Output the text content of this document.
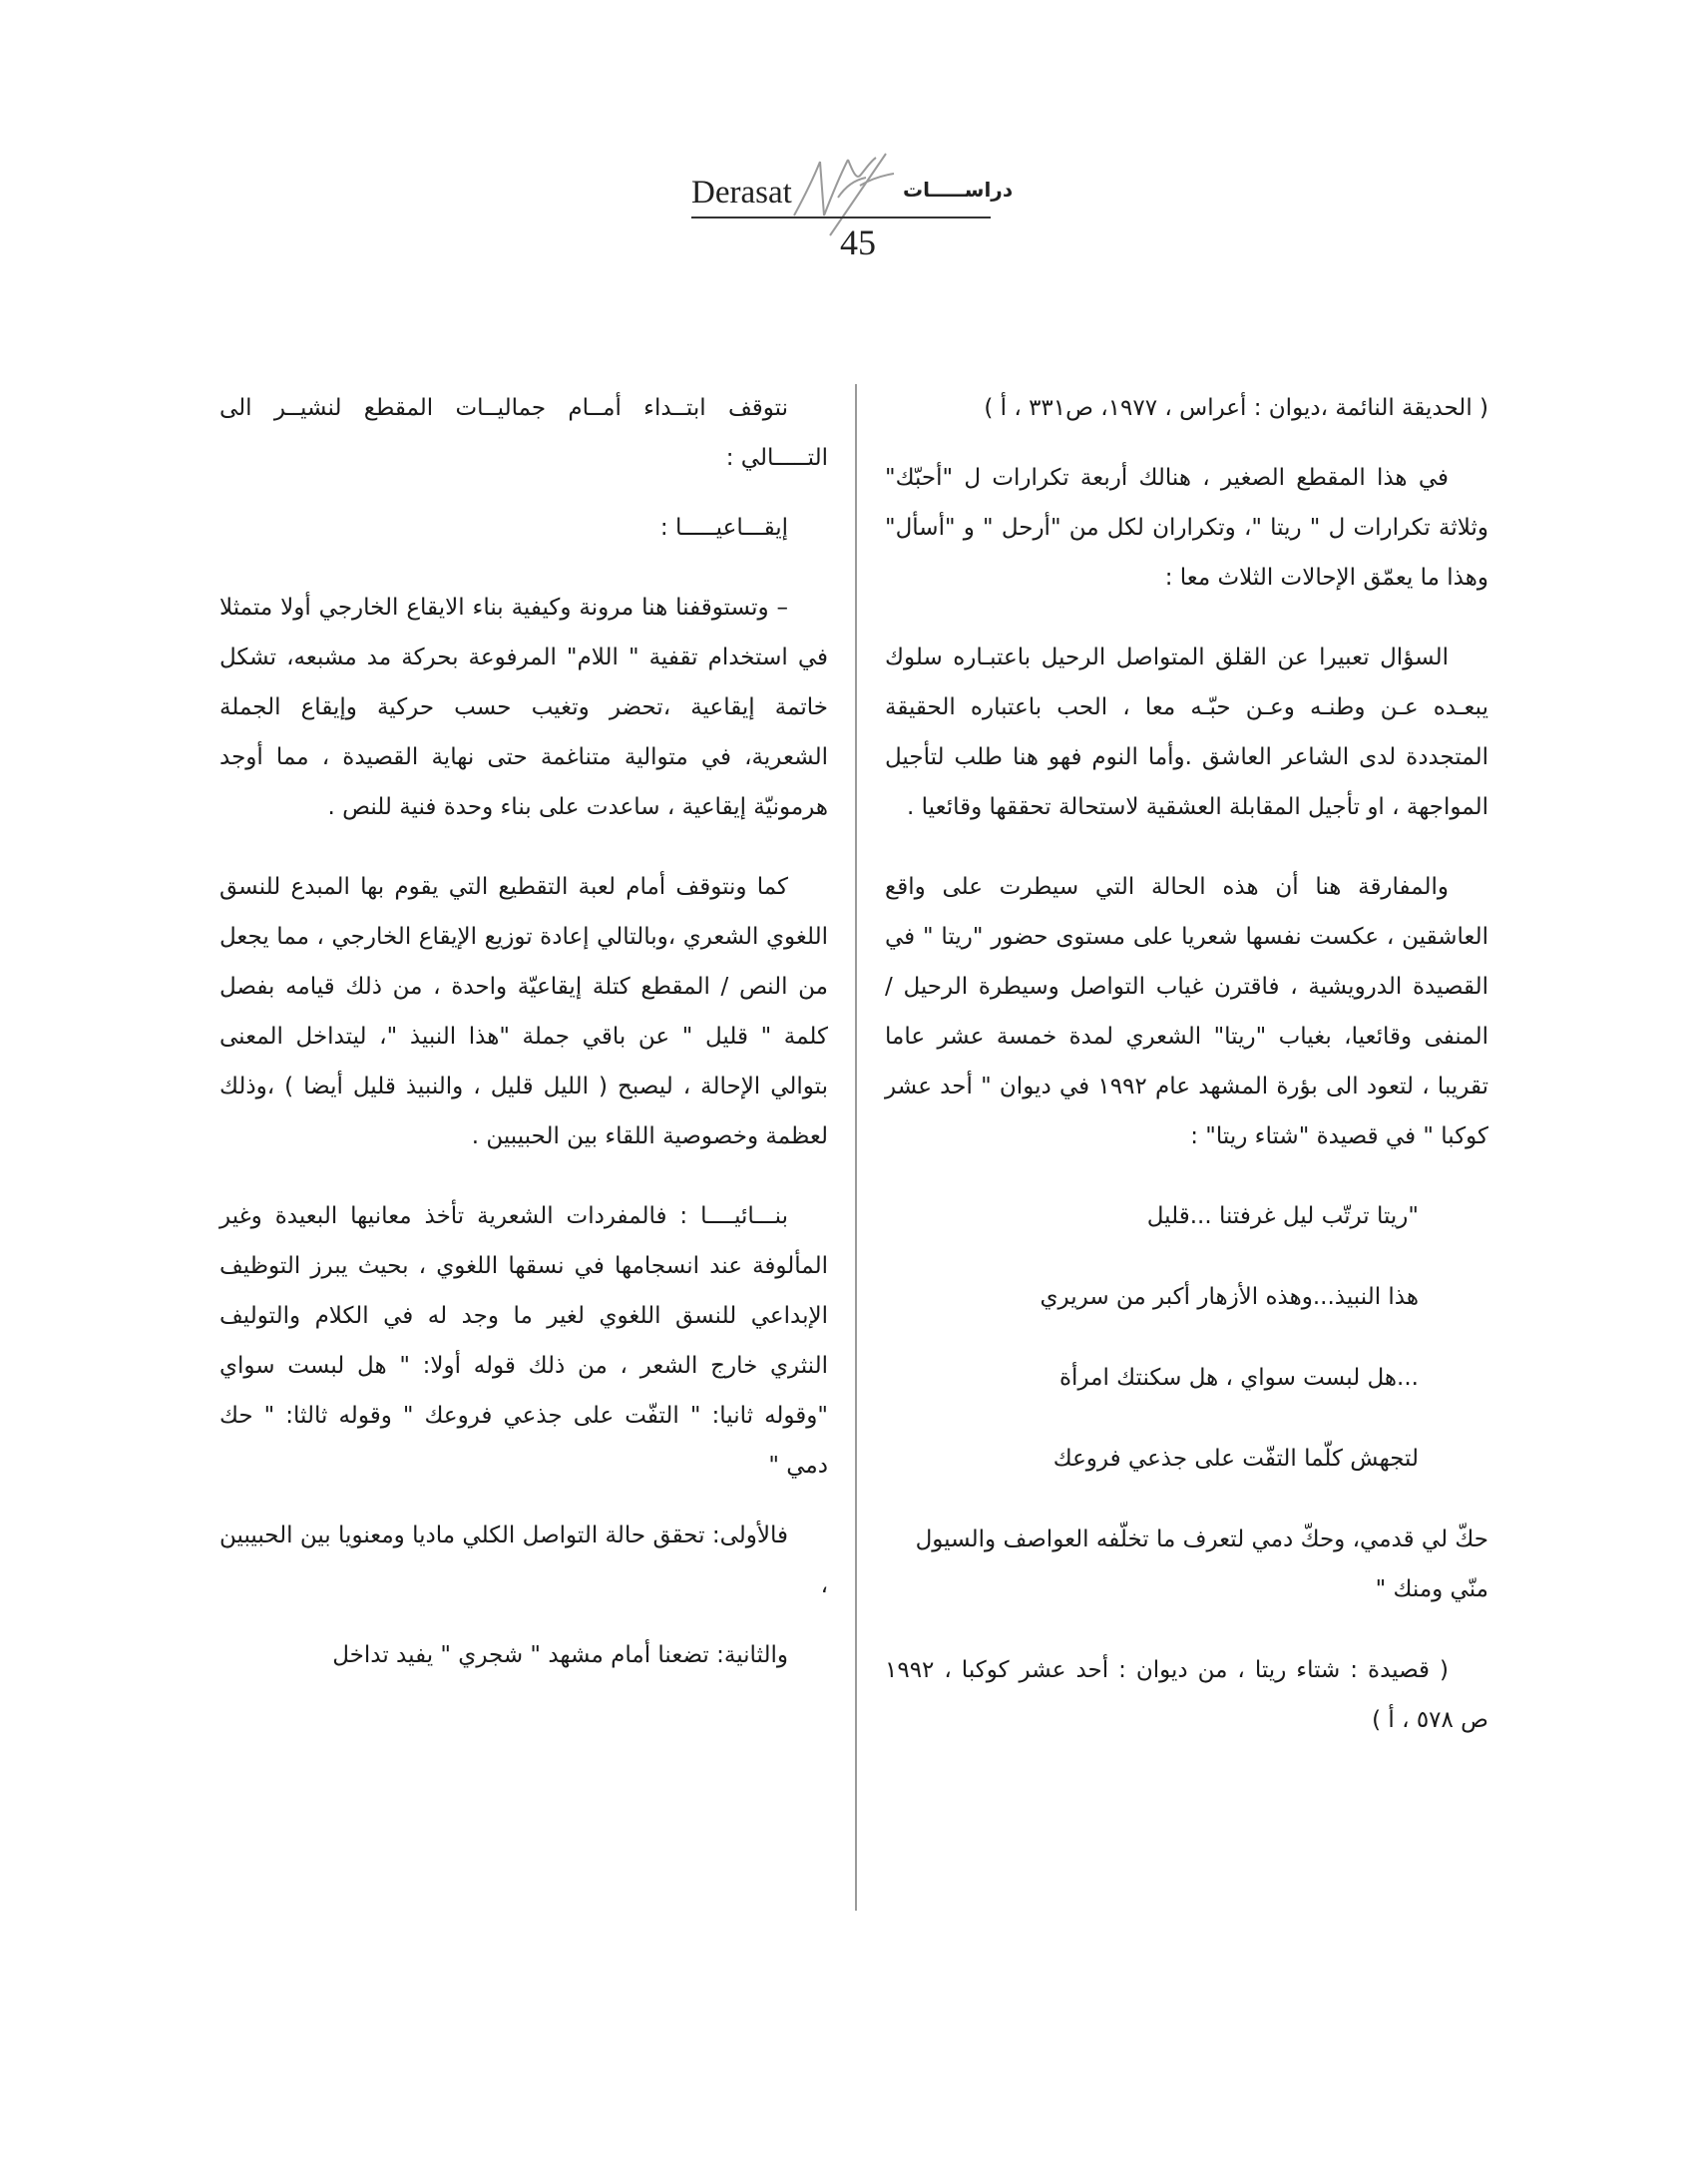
Derasat	دراســـــات
45

( الحديقة النائمة ،ديوان : أعراس ، ١٩٧٧، ص٣٣١ ، أ )

في هذا المقطع الصغير ، هنالك أربعة تكرارات ل "أحبّك" وثلاثة تكرارات ل " ريتا "، وتكراران لكل من "أرحل " و "أسأل" وهذا ما يعمّق الإحالات الثلاث معا :

السؤال تعبيرا عن القلق المتواصل الرحيل باعتبـاره سلوك يبعـده عـن وطنـه وعـن حبّـه معا ، الحب باعتباره الحقيقة المتجددة لدى الشاعر العاشق .وأما النوم فهو هنا طلب لتأجيل المواجهة ، او تأجيل المقابلة العشقية لاستحالة تحققها وقائعيا .

والمفارقة هنا أن هذه الحالة التي سيطرت على واقع العاشقين ، عكست نفسها شعريا على مستوى حضور "ريتا " في القصيدة الدرويشية ، فاقترن غياب التواصل وسيطرة الرحيل / المنفى وقائعيا، بغياب "ريتا" الشعري لمدة خمسة عشر عاما تقريبا ، لتعود الى بؤرة المشهد عام ١٩٩٢ في ديوان " أحد عشر كوكبا " في قصيدة "شتاء ريتا" :

"ريتا ترتّب ليل غرفتنا ...قليل

هذا النبيذ...وهذه الأزهار أكبر من سريري

...هل لبست سواي ، هل سكنتك امرأة

لتجهش كلّما التفّت على جذعي فروعك

حكّ لي قدمي، وحكّ دمي لتعرف ما تخلّفه العواصف والسيول منّي ومنك "

( قصيدة : شتاء ريتا ، من ديوان : أحد عشر كوكبا ، ١٩٩٢ ص ٥٧٨ ، أ )

نتوقف ابتــداء أمــام جماليــات المقطع لنشيــر الى التـــــالي :

إيقـــاعيـــــا :

– وتستوقفنا هنا مرونة وكيفية بناء الايقاع الخارجي أولا متمثلا في استخدام تقفية " اللام" المرفوعة بحركة مد مشبعه، تشكل خاتمة إيقاعية ،تحضر وتغيب حسب حركية وإيقاع الجملة الشعرية، في متوالية متناغمة حتى نهاية القصيدة ، مما أوجد هرمونيّة إيقاعية ، ساعدت على بناء وحدة فنية للنص .

كما ونتوقف أمام لعبة التقطيع التي يقوم بها المبدع للنسق اللغوي الشعري ،وبالتالي إعادة توزيع الإيقاع الخارجي ، مما يجعل من النص / المقطع كتلة إيقاعيّة واحدة ، من ذلك قيامه بفصل كلمة " قليل " عن باقي جملة "هذا النبيذ "، ليتداخل المعنى بتوالي الإحالة ، ليصبح ( الليل قليل ، والنبيذ قليل أيضا ) ،وذلك لعظمة وخصوصية اللقاء بين الحبيبين .

بنـــائيــــا : فالمفردات الشعرية تأخذ معانيها البعيدة وغير المألوفة عند انسجامها في نسقها اللغوي ، بحيث يبرز التوظيف الإبداعي للنسق اللغوي لغير ما وجد له في الكلام والتوليف النثري خارج الشعر ، من ذلك قوله أولا: " هل لبست سواي "وقوله ثانيا: " التفّت على جذعي فروعك " وقوله ثالثا: " حك دمي "

فالأولى: تحقق حالة التواصل الكلي ماديا ومعنويا بين الحبيبين ،

والثانية: تضعنا أمام مشهد " شجري " يفيد تداخل
